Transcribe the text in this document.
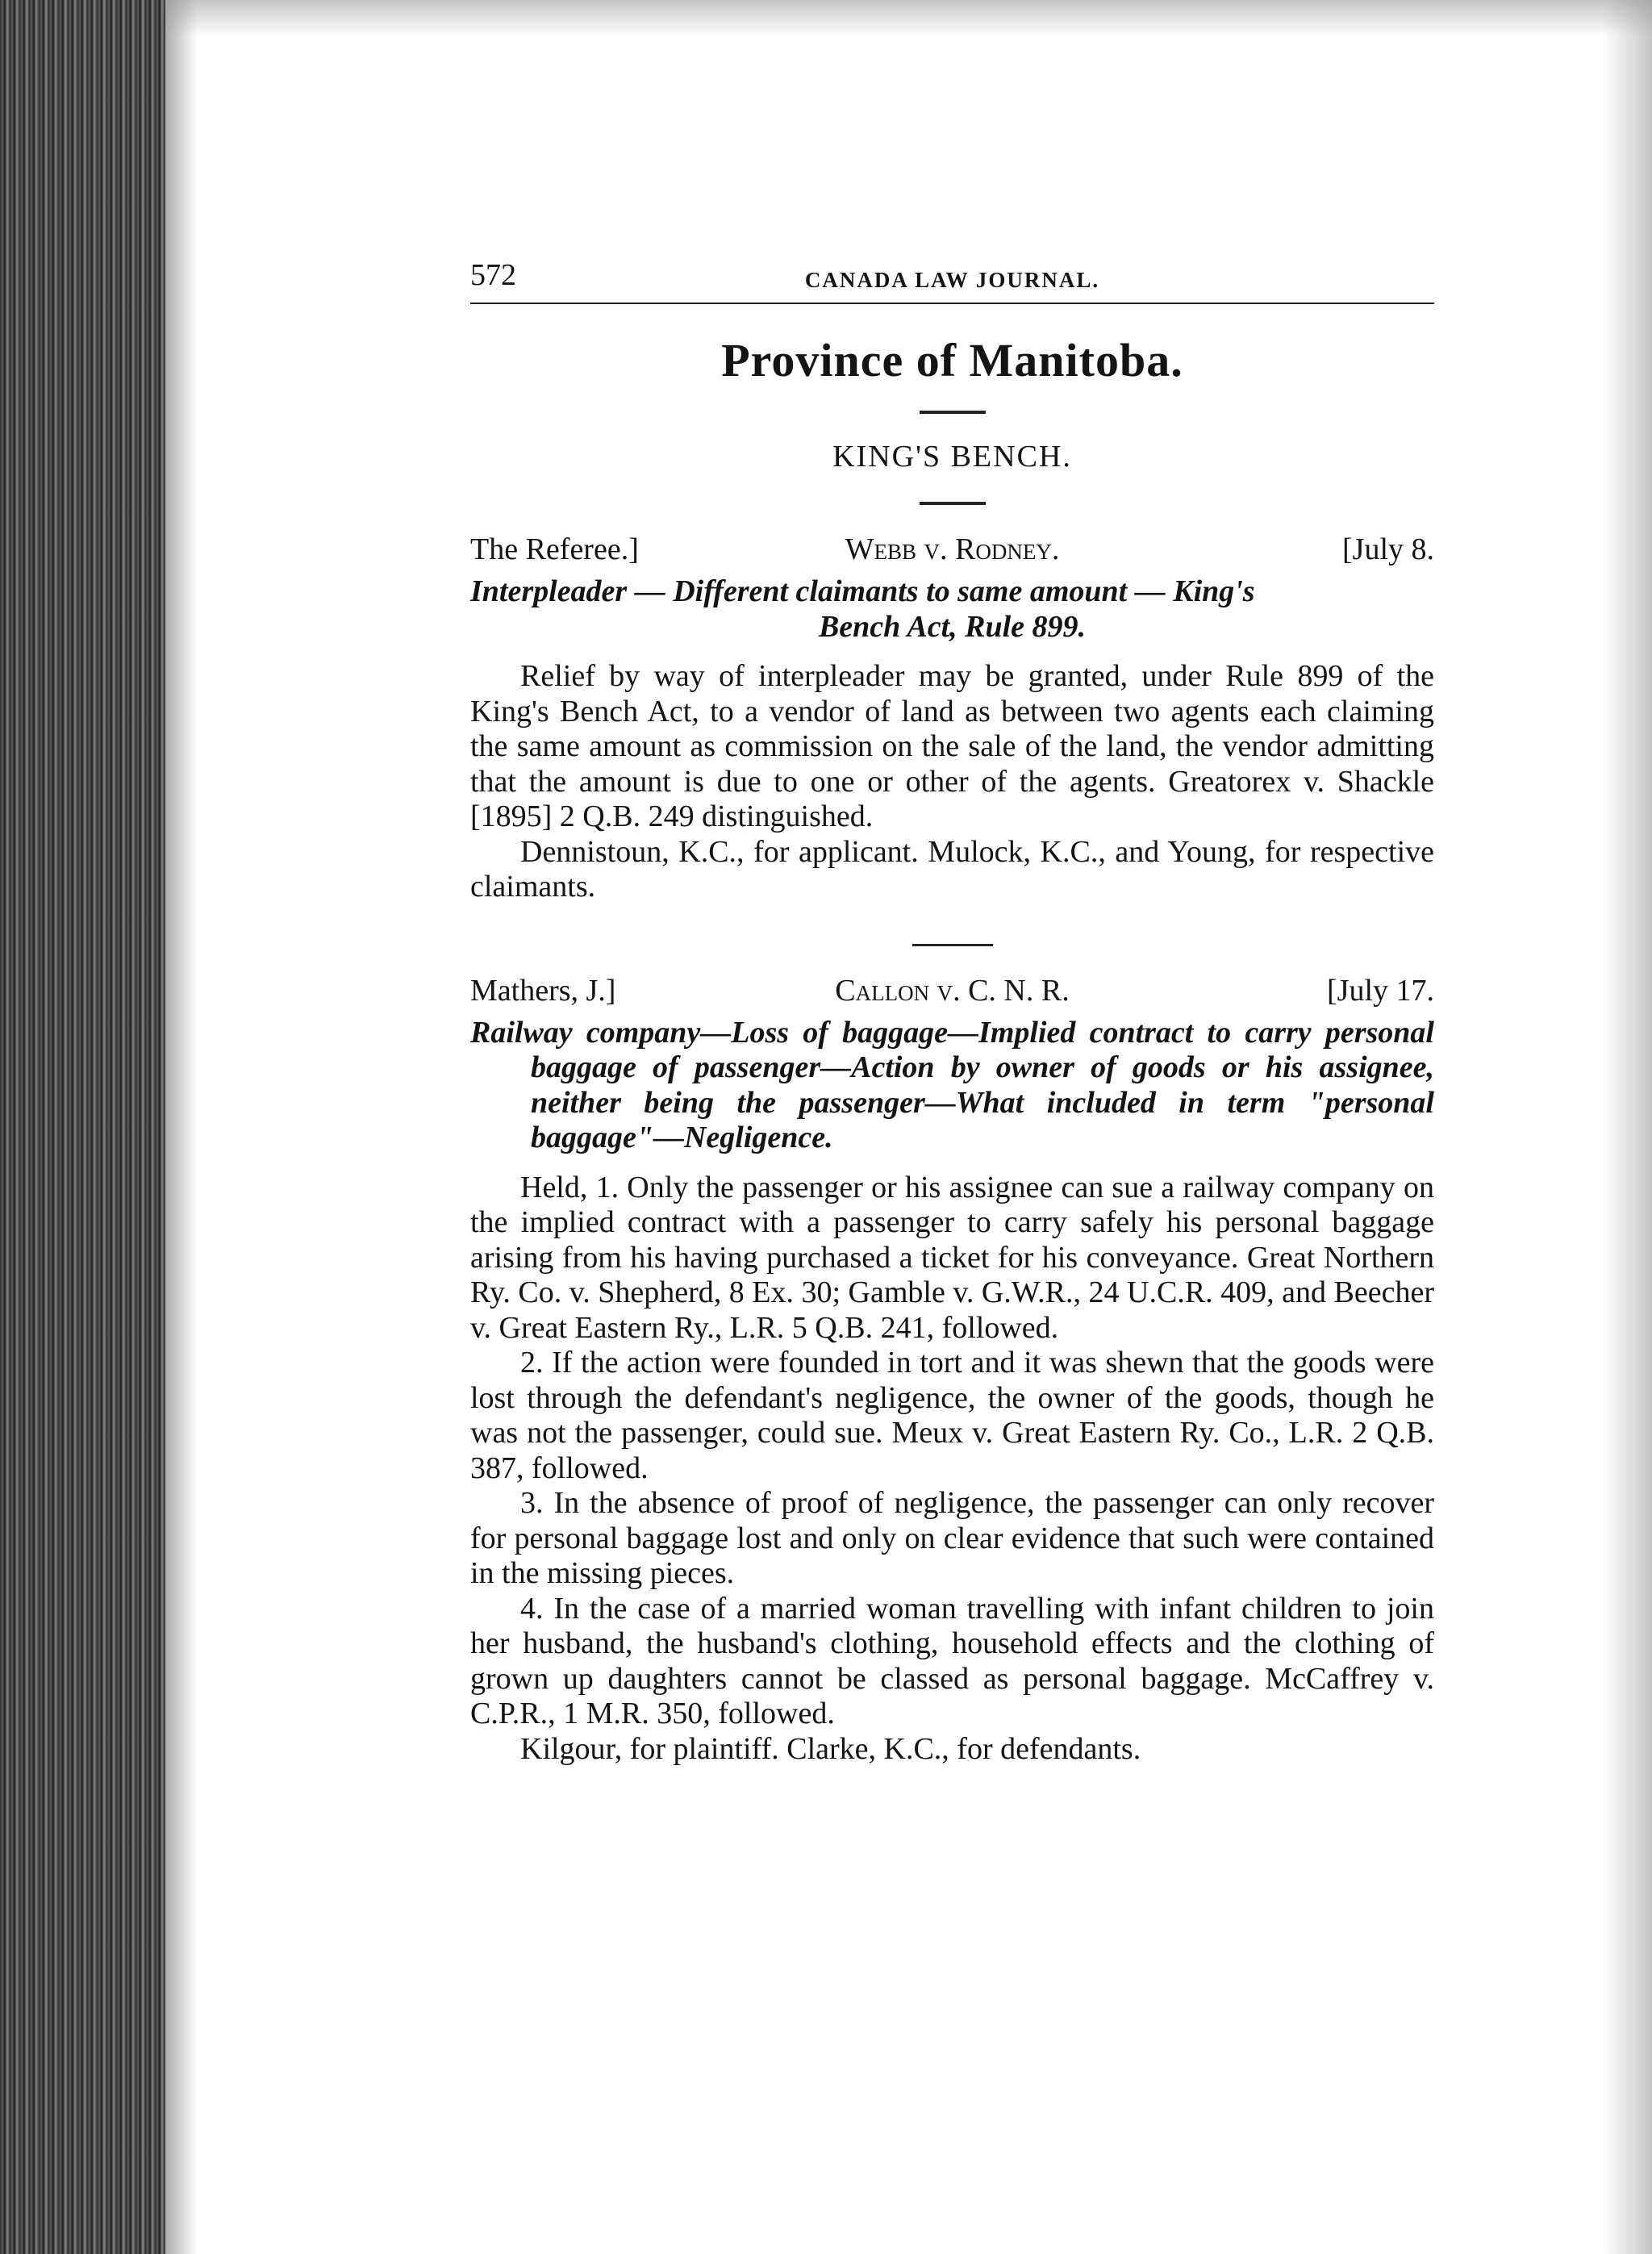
572	CANADA LAW JOURNAL.
Province of Manitoba.
KING'S BENCH.
The Referee.]	Webb v. Rodney.	[July 8.
Interpleader — Different claimants to same amount — King's
Bench Act, Rule 899.

Relief by way of interpleader may be granted, under Rule 899 of the King's Bench Act, to a vendor of land as between two agents each claiming the same amount as commission on the sale of the land, the vendor admitting that the amount is due to one or other of the agents. Greatorex v. Shackle [1895] 2 Q.B. 249 distinguished.

Dennistoun, K.C., for applicant. Mulock, K.C., and Young, for respective claimants.

Mathers, J.]	Callon v. C. N. R.	[July 17.
Railway company—Loss of baggage—Implied contract to carry personal baggage of passenger—Action by owner of goods or his assignee, neither being the passenger—What included in term "personal baggage"—Negligence.

Held, 1. Only the passenger or his assignee can sue a railway company on the implied contract with a passenger to carry safely his personal baggage arising from his having purchased a ticket for his conveyance. Great Northern Ry. Co. v. Shepherd, 8 Ex. 30; Gamble v. G.W.R., 24 U.C.R. 409, and Beecher v. Great Eastern Ry., L.R. 5 Q.B. 241, followed.

2. If the action were founded in tort and it was shewn that the goods were lost through the defendant's negligence, the owner of the goods, though he was not the passenger, could sue. Meux v. Great Eastern Ry. Co., L.R. 2 Q.B. 387, followed.

3. In the absence of proof of negligence, the passenger can only recover for personal baggage lost and only on clear evidence that such were contained in the missing pieces.

4. In the case of a married woman travelling with infant children to join her husband, the husband's clothing, household effects and the clothing of grown up daughters cannot be classed as personal baggage. McCaffrey v. C.P.R., 1 M.R. 350, followed.

Kilgour, for plaintiff. Clarke, K.C., for defendants.
